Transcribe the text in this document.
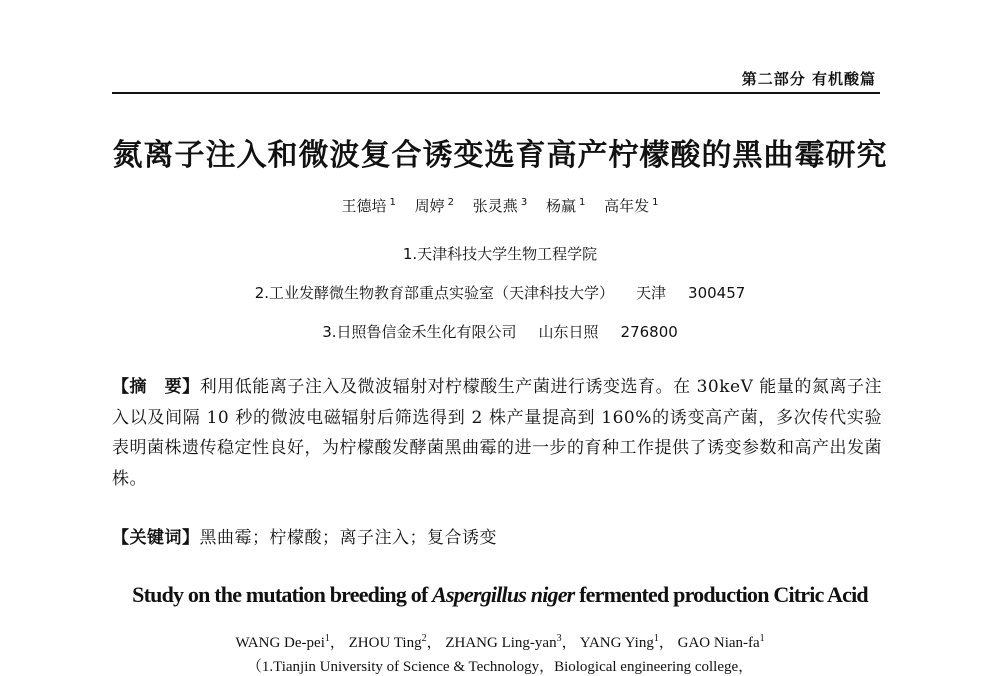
第二部分 有机酸篇
氮离子注入和微波复合诱变选育高产柠檬酸的黑曲霉研究
王德培 $^1$ 周婷 $^2$ 张灵燕 $^3$ 杨赢 $^1$ 高年发 $^1$
1.天津科技大学生物工程学院
2.工业发酵微生物教育部重点实验室（天津科技大学） 天津 300457
3.日照鲁信金禾生化有限公司 山东日照 276800
【摘　要】利用低能离子注入及微波辐射对柠檬酸生产菌进行诱变选育。在 30keV 能量的氮离子注入以及间隔 10 秒的微波电磁辐射后筛选得到 2 株产量提高到 160%的诱变高产菌，多次传代实验表明菌株遗传稳定性良好，为柠檬酸发酵菌黑曲霉的进一步的育种工作提供了诱变参数和高产出发菌株。
【关键词】黑曲霉；柠檬酸；离子注入；复合诱变
Study on the mutation breeding of Aspergillus niger fermented production Citric Acid
WANG De-pei$^1$， ZHOU Ting$^2$， ZHANG Ling-yan$^3$， YANG Ying$^1$， GAO Nian-$fa^1$
（1.Tianjin University of Science & Technology，Biological engineering college，
